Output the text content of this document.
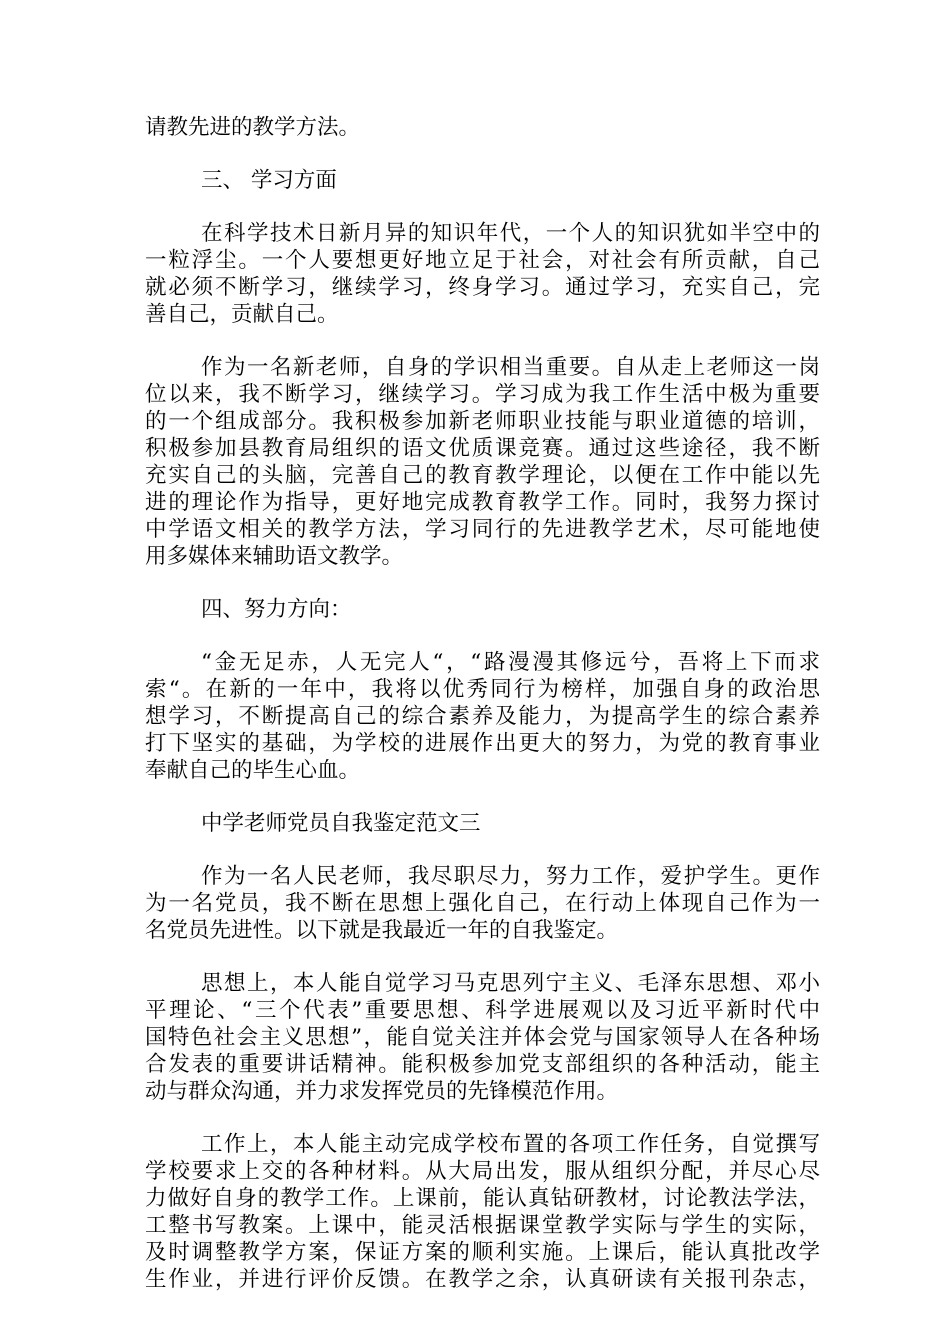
请教先进的教学方法。
三、 学习方面
在科学技术日新月异的知识年代，一个人的知识犹如半空中的
一粒浮尘。一个人要想更好地立足于社会，对社会有所贡献，自己
就必须不断学习，继续学习，终身学习。通过学习，充实自己，完
善自己，贡献自己。
作为一名新老师，自身的学识相当重要。自从走上老师这一岗
位以来，我不断学习，继续学习。学习成为我工作生活中极为重要
的一个组成部分。我积极参加新老师职业技能与职业道德的培训，
积极参加县教育局组织的语文优质课竞赛。通过这些途径，我不断
充实自己的头脑，完善自己的教育教学理论，以便在工作中能以先
进的理论作为指导，更好地完成教育教学工作。同时，我努力探讨
中学语文相关的教学方法，学习同行的先进教学艺术，尽可能地使
用多媒体来辅助语文教学。
四、努力方向：
“金无足赤，人无完人“，“路漫漫其修远兮，吾将上下而求
索“。在新的一年中，我将以优秀同行为榜样，加强自身的政治思
想学习，不断提高自己的综合素养及能力，为提高学生的综合素养
打下坚实的基础，为学校的进展作出更大的努力，为党的教育事业
奉献自己的毕生心血。
中学老师党员自我鉴定范文三
作为一名人民老师，我尽职尽力，努力工作，爱护学生。更作
为一名党员，我不断在思想上强化自己，在行动上体现自己作为一
名党员先进性。以下就是我最近一年的自我鉴定。
思想上，本人能自觉学习马克思列宁主义、毛泽东思想、邓小
平理论、“三个代表”重要思想、科学进展观以及习近平新时代中
国特色社会主义思想”，能自觉关注并体会党与国家领导人在各种场
合发表的重要讲话精神。能积极参加党支部组织的各种活动，能主
动与群众沟通，并力求发挥党员的先锋模范作用。
工作上，本人能主动完成学校布置的各项工作任务，自觉撰写
学校要求上交的各种材料。从大局出发，服从组织分配，并尽心尽
力做好自身的教学工作。上课前，能认真钻研教材，讨论教法学法，
工整书写教案。上课中，能灵活根据课堂教学实际与学生的实际，
及时调整教学方案，保证方案的顺利实施。上课后，能认真批改学
生作业，并进行评价反馈。在教学之余，认真研读有关报刊杂志，
